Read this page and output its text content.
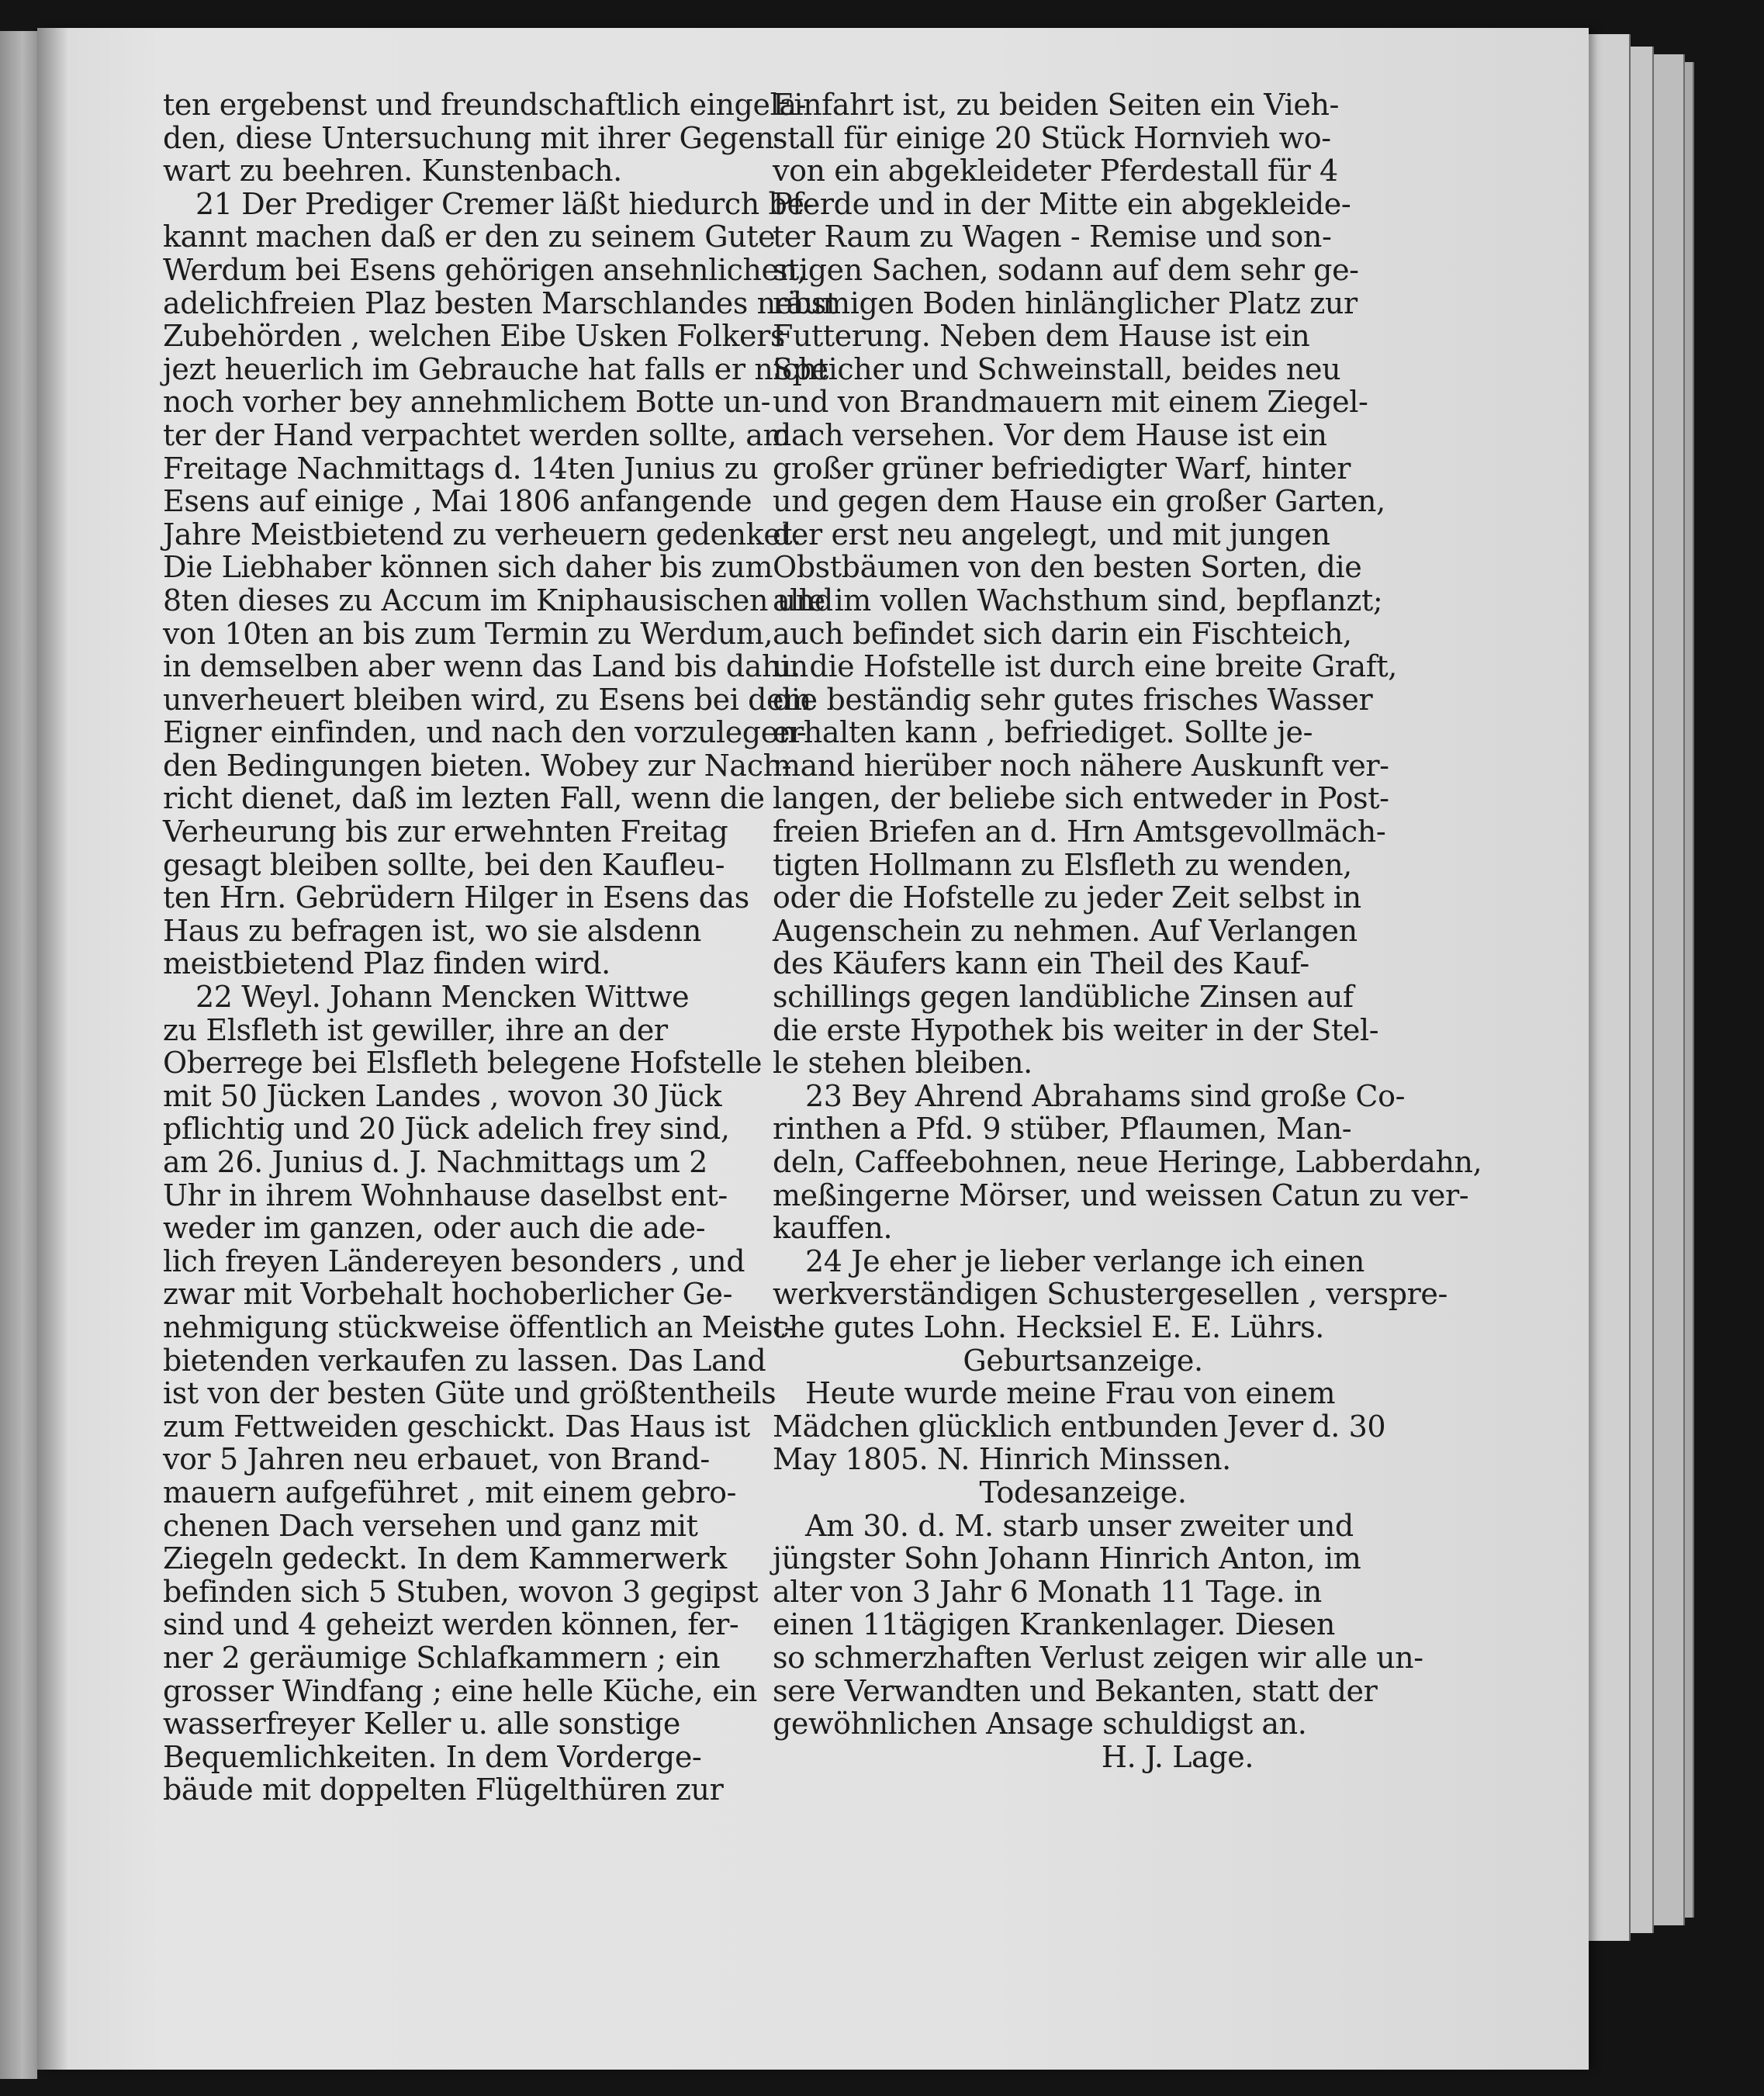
ten ergebenst und freundschaftlich eingela-

den, diese Untersuchung mit ihrer Gegen-

wart zu beehren. Kunstenbach.

21 Der Prediger Cremer läßt hiedurch be-

kannt machen daß er den zu seinem Gute

Werdum bei Esens gehörigen ansehnlichen,

adelichfreien Plaz besten Marschlandes nebst

Zubehörden , welchen Eibe Usken Folkers

jezt heuerlich im Gebrauche hat falls er nicht

noch vorher bey annehmlichem Botte un-

ter der Hand verpachtet werden sollte, am

Freitage Nachmittags d. 14ten Junius zu

Esens auf einige , Mai 1806 anfangende

Jahre Meistbietend zu verheuern gedenket.

Die Liebhaber können sich daher bis zum

8ten dieses zu Accum im Kniphausischen und

von 10ten an bis zum Termin zu Werdum,

in demselben aber wenn das Land bis dahin

unverheuert bleiben wird, zu Esens bei dem

Eigner einfinden, und nach den vorzulegen-

den Bedingungen bieten. Wobey zur Nach-

richt dienet, daß im lezten Fall, wenn die

Verheurung bis zur erwehnten Freitag

gesagt bleiben sollte, bei den Kaufleu-

ten Hrn. Gebrüdern Hilger in Esens das

Haus zu befragen ist, wo sie alsdenn

meistbietend Plaz finden wird.

22 Weyl. Johann Mencken Wittwe

zu Elsfleth ist gewiller, ihre an der

Oberrege bei Elsfleth belegene Hofstelle

mit 50 Jücken Landes , wovon 30 Jück

pflichtig und 20 Jück adelich frey sind,

am 26. Junius d. J. Nachmittags um 2

Uhr in ihrem Wohnhause daselbst ent-

weder im ganzen, oder auch die ade-

lich freyen Ländereyen besonders , und

zwar mit Vorbehalt hochoberlicher Ge-

nehmigung stückweise öffentlich an Meist-

bietenden verkaufen zu lassen. Das Land

ist von der besten Güte und größtentheils

zum Fettweiden geschickt. Das Haus ist

vor 5 Jahren neu erbauet, von Brand-

mauern aufgeführet , mit einem gebro-

chenen Dach versehen und ganz mit

Ziegeln gedeckt. In dem Kammerwerk

befinden sich 5 Stuben, wovon 3 gegipst

sind und 4 geheizt werden können, fer-

ner 2 geräumige Schlafkammern ; ein

grosser Windfang ; eine helle Küche, ein

wasserfreyer Keller u. alle sonstige

Bequemlichkeiten. In dem Vorderge-

bäude mit doppelten Flügelthüren zur

Einfahrt ist, zu beiden Seiten ein Vieh-

stall für einige 20 Stück Hornvieh wo-

von ein abgekleideter Pferdestall für 4

Pferde und in der Mitte ein abgekleide-

ter Raum zu Wagen - Remise und son-

stigen Sachen, sodann auf dem sehr ge-

räumigen Boden hinlänglicher Platz zur

Futterung. Neben dem Hause ist ein

Speicher und Schweinstall, beides neu

und von Brandmauern mit einem Ziegel-

dach versehen. Vor dem Hause ist ein

großer grüner befriedigter Warf, hinter

und gegen dem Hause ein großer Garten,

der erst neu angelegt, und mit jungen

Obstbäumen von den besten Sorten, die

alle im vollen Wachsthum sind, bepflanzt;

auch befindet sich darin ein Fischteich,

u. die Hofstelle ist durch eine breite Graft,

die beständig sehr gutes frisches Wasser

erhalten kann , befriediget. Sollte je-

mand hierüber noch nähere Auskunft ver-

langen, der beliebe sich entweder in Post-

freien Briefen an d. Hrn Amtsgevollmäch-

tigten Hollmann zu Elsfleth zu wenden,

oder die Hofstelle zu jeder Zeit selbst in

Augenschein zu nehmen. Auf Verlangen

des Käufers kann ein Theil des Kauf-

schillings gegen landübliche Zinsen auf

die erste Hypothek bis weiter in der Stel-

le stehen bleiben.

23 Bey Ahrend Abrahams sind große Co-

rinthen a Pfd. 9 stüber, Pflaumen, Man-

deln, Caffeebohnen, neue Heringe, Labberdahn,

meßingerne Mörser, und weissen Catun zu ver-

kauffen.

24 Je eher je lieber verlange ich einen

werkverständigen Schustergesellen , verspre-

che gutes Lohn. Hecksiel E. E. Lührs.

Geburtsanzeige.

Heute wurde meine Frau von einem

Mädchen glücklich entbunden Jever d. 30

May 1805. N. Hinrich Minssen.

Todesanzeige.

Am 30. d. M. starb unser zweiter und

jüngster Sohn Johann Hinrich Anton, im

alter von 3 Jahr 6 Monath 11 Tage. in

einen 11tägigen Krankenlager. Diesen

so schmerzhaften Verlust zeigen wir alle un-

sere Verwandten und Bekanten, statt der

gewöhnlichen Ansage schuldigst an.

H. J. Lage.
